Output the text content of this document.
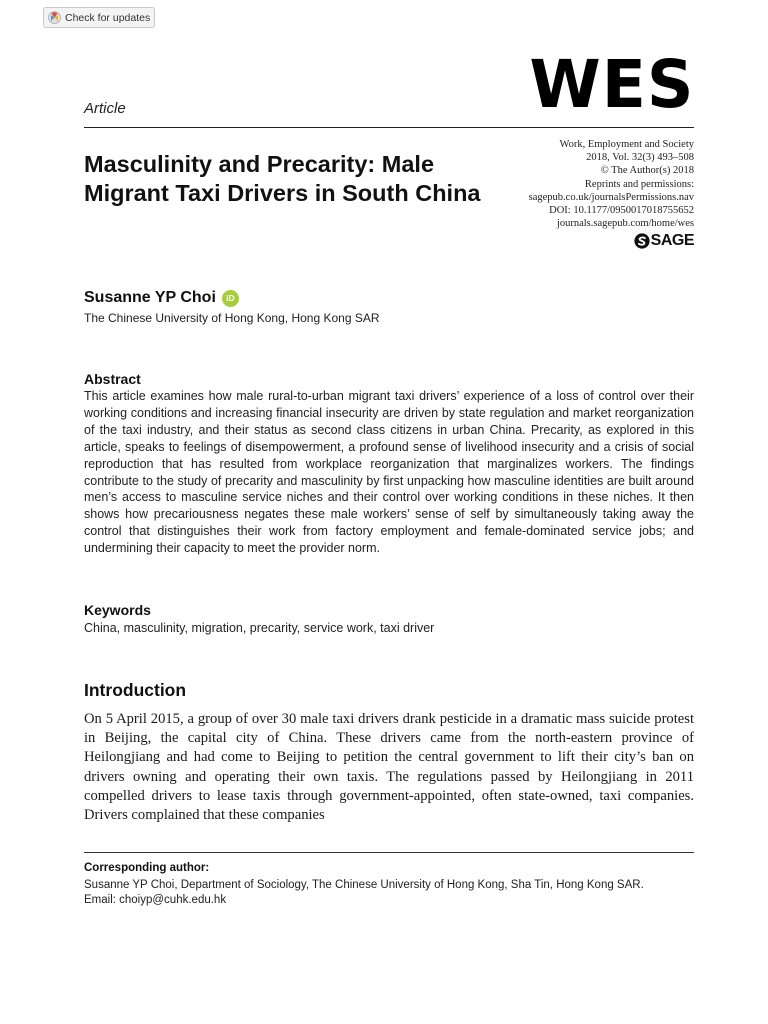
Check for updates
WES
Article
Masculinity and Precarity: Male Migrant Taxi Drivers in South China
Work, Employment and Society
2018, Vol. 32(3) 493–508
© The Author(s) 2018
Reprints and permissions:
sagepub.co.uk/journalsPermissions.nav
DOI: 10.1177/0950017018755652
journals.sagepub.com/home/wes
SAGE
Susanne YP Choi	iD
The Chinese University of Hong Kong, Hong Kong SAR
Abstract

This article examines how male rural-to-urban migrant taxi drivers’ experience of a loss of control over their working conditions and increasing financial insecurity are driven by state regulation and market reorganization of the taxi industry, and their status as second class citizens in urban China. Precarity, as explored in this article, speaks to feelings of disempowerment, a profound sense of livelihood insecurity and a crisis of social reproduction that has resulted from workplace reorganization that marginalizes workers. The findings contribute to the study of precarity and masculinity by first unpacking how masculine identities are built around men’s access to masculine service niches and their control over working conditions in these niches. It then shows how precariousness negates these male workers’ sense of self by simultaneously taking away the control that distinguishes their work from factory employment and female-dominated service jobs; and undermining their capacity to meet the provider norm.

Keywords
China, masculinity, migration, precarity, service work, taxi driver
Introduction

On 5 April 2015, a group of over 30 male taxi drivers drank pesticide in a dramatic mass suicide protest in Beijing, the capital city of China. These drivers came from the north-eastern province of Heilongjiang and had come to Beijing to petition the central government to lift their city’s ban on drivers owning and operating their own taxis. The regulations passed by Heilongjiang in 2011 compelled drivers to lease taxis through government-appointed, often state-owned, taxi companies. Drivers complained that these companies

Corresponding author:
Susanne YP Choi, Department of Sociology, The Chinese University of Hong Kong, Sha Tin, Hong Kong SAR.
Email: choiyp@cuhk.edu.hk
